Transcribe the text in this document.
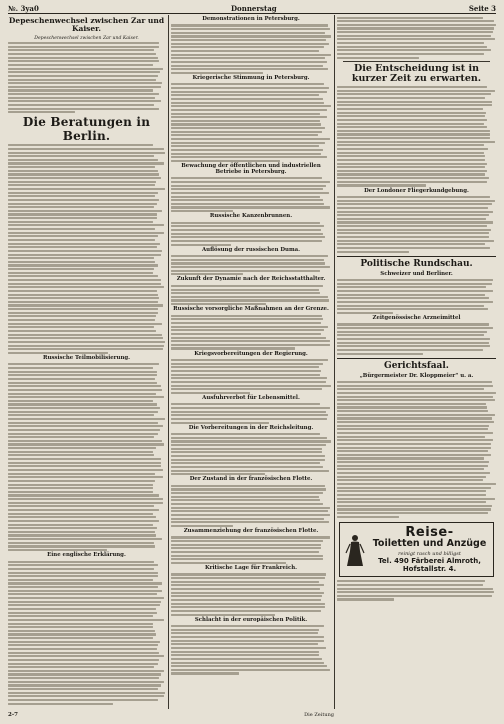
№. 3ya0	Donnerstag	Seite 3
Depeschenwechsel zwischen Zar und Kaiser.
Depeschenwechsel zwischen Zar und Kaiser.
Die Beratungen in Berlin.
Russische Teilmobilisierung.
Eine englische Erklärung.
Demonstrationen in Petersburg.
Kriegerische Stimmung in Petersburg.
Bewachung der öffentlichen und industriellen Betriebe in Petersburg.
Russische Kanzenbrunnen.
Auflösung der russischen Duma.
Zukunft der Dynamie nach der Reichsstatthalter.
Russische vorsorgliche Maßnahmen an der Grenze.
Kriegsvorbereitungen der Regierung.
Ausfuhrverbot für Lebensmittel.
Die Vorbereitungen in der Reichsleitung.
Der Zustand in der französischen Flotte.
Zusammenziehung der französischen Flotte.
Kritische Lage für Frankreich.
Schlacht in der europäischen Politik.
Die Entscheidung ist in kurzer Zeit zu erwarten.
Der Londoner Fliegerkundgebung.
Politische Rundschau.
Schweizer und Berliner.
Zeitgenössische Arzneimittel
Gerichtsfaal.
„Bürgermeister Dr. Kloppmeier“ u. a.
Reise-
Toiletten und Anzüge
reinigt rasch und billigst
Tel. 490 Färberei Almroth, Hofstallstr. 4.
2-7	Die Zeitung
